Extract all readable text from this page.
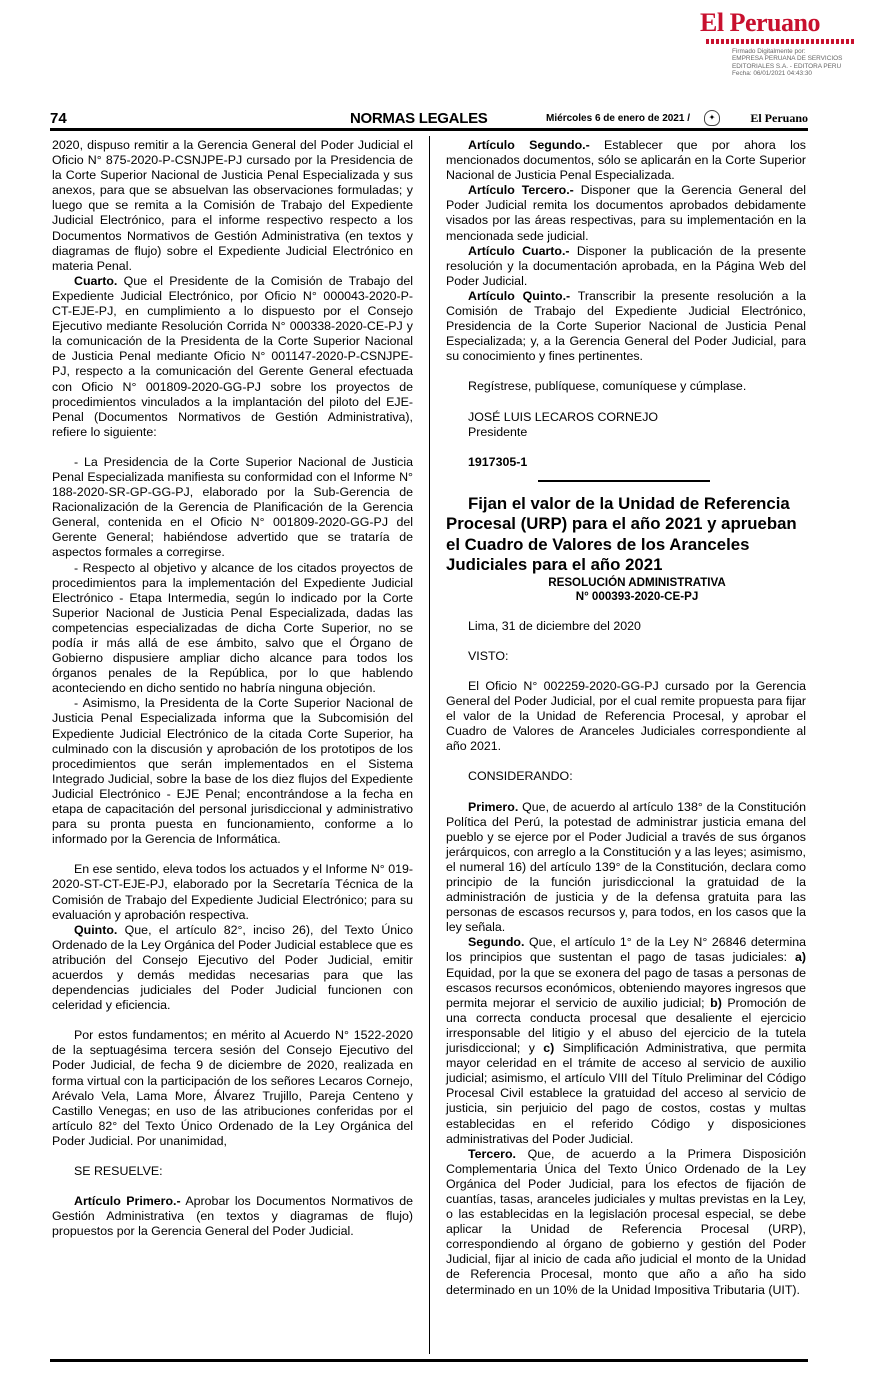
El Peruano
Firmado Digitalmente por:
EMPRESA PERUANA DE SERVICIOS
EDITORIALES S.A. - EDITORA PERU
Fecha: 06/01/2021 04:43:30
74	NORMAS LEGALES	Miércoles 6 de enero de 2021 /	✦	El Peruano

2020, dispuso remitir a la Gerencia General del Poder Judicial el Oficio N° 875-2020-P-CSNJPE-PJ cursado por la Presidencia de la Corte Superior Nacional de Justicia Penal Especializada y sus anexos, para que se absuelvan las observaciones formuladas; y luego que se remita a la Comisión de Trabajo del Expediente Judicial Electrónico, para el informe respectivo respecto a los Documentos Normativos de Gestión Administrativa (en textos y diagramas de flujo) sobre el Expediente Judicial Electrónico en materia Penal.

Cuarto. Que el Presidente de la Comisión de Trabajo del Expediente Judicial Electrónico, por Oficio N° 000043-2020-P-CT-EJE-PJ, en cumplimiento a lo dispuesto por el Consejo Ejecutivo mediante Resolución Corrida N° 000338-2020-CE-PJ y la comunicación de la Presidenta de la Corte Superior Nacional de Justicia Penal mediante Oficio N° 001147-2020-P-CSNJPE-PJ, respecto a la comunicación del Gerente General efectuada con Oficio N° 001809-2020-GG-PJ sobre los proyectos de procedimientos vinculados a la implantación del piloto del EJE-Penal (Documentos Normativos de Gestión Administrativa), refiere lo siguiente:

- La Presidencia de la Corte Superior Nacional de Justicia Penal Especializada manifiesta su conformidad con el Informe N° 188-2020-SR-GP-GG-PJ, elaborado por la Sub-Gerencia de Racionalización de la Gerencia de Planificación de la Gerencia General, contenida en el Oficio N° 001809-2020-GG-PJ del Gerente General; habiéndose advertido que se trataría de aspectos formales a corregirse.

- Respecto al objetivo y alcance de los citados proyectos de procedimientos para la implementación del Expediente Judicial Electrónico - Etapa Intermedia, según lo indicado por la Corte Superior Nacional de Justicia Penal Especializada, dadas las competencias especializadas de dicha Corte Superior, no se podía ir más allá de ese ámbito, salvo que el Órgano de Gobierno dispusiere ampliar dicho alcance para todos los órganos penales de la República, por lo que hablendo aconteciendo en dicho sentido no habría ninguna objeción.

- Asimismo, la Presidenta de la Corte Superior Nacional de Justicia Penal Especializada informa que la Subcomisión del Expediente Judicial Electrónico de la citada Corte Superior, ha culminado con la discusión y aprobación de los prototipos de los procedimientos que serán implementados en el Sistema Integrado Judicial, sobre la base de los diez flujos del Expediente Judicial Electrónico - EJE Penal; encontrándose a la fecha en etapa de capacitación del personal jurisdiccional y administrativo para su pronta puesta en funcionamiento, conforme a lo informado por la Gerencia de Informática.

En ese sentido, eleva todos los actuados y el Informe N° 019-2020-ST-CT-EJE-PJ, elaborado por la Secretaría Técnica de la Comisión de Trabajo del Expediente Judicial Electrónico; para su evaluación y aprobación respectiva.

Quinto. Que, el artículo 82°, inciso 26), del Texto Único Ordenado de la Ley Orgánica del Poder Judicial establece que es atribución del Consejo Ejecutivo del Poder Judicial, emitir acuerdos y demás medidas necesarias para que las dependencias judiciales del Poder Judicial funcionen con celeridad y eficiencia.

Por estos fundamentos; en mérito al Acuerdo N° 1522-2020 de la septuagésima tercera sesión del Consejo Ejecutivo del Poder Judicial, de fecha 9 de diciembre de 2020, realizada en forma virtual con la participación de los señores Lecaros Cornejo, Arévalo Vela, Lama More, Álvarez Trujillo, Pareja Centeno y Castillo Venegas; en uso de las atribuciones conferidas por el artículo 82° del Texto Único Ordenado de la Ley Orgánica del Poder Judicial. Por unanimidad,

SE RESUELVE:

Artículo Primero.- Aprobar los Documentos Normativos de Gestión Administrativa (en textos y diagramas de flujo) propuestos por la Gerencia General del Poder Judicial.

Artículo Segundo.- Establecer que por ahora los mencionados documentos, sólo se aplicarán en la Corte Superior Nacional de Justicia Penal Especializada.

Artículo Tercero.- Disponer que la Gerencia General del Poder Judicial remita los documentos aprobados debidamente visados por las áreas respectivas, para su implementación en la mencionada sede judicial.

Artículo Cuarto.- Disponer la publicación de la presente resolución y la documentación aprobada, en la Página Web del Poder Judicial.

Artículo Quinto.- Transcribir la presente resolución a la Comisión de Trabajo del Expediente Judicial Electrónico, Presidencia de la Corte Superior Nacional de Justicia Penal Especializada; y, a la Gerencia General del Poder Judicial, para su conocimiento y fines pertinentes.

Regístrese, publíquese, comuníquese y cúmplase.

JOSÉ LUIS LECAROS CORNEJO

Presidente

1917305-1

Fijan el valor de la Unidad de Referencia Procesal (URP) para el año 2021 y aprueban el Cuadro de Valores de los Aranceles Judiciales para el año 2021

RESOLUCIÓN ADMINISTRATIVA

N° 000393-2020-CE-PJ

Lima, 31 de diciembre del 2020

VISTO:

El Oficio N° 002259-2020-GG-PJ cursado por la Gerencia General del Poder Judicial, por el cual remite propuesta para fijar el valor de la Unidad de Referencia Procesal, y aprobar el Cuadro de Valores de Aranceles Judiciales correspondiente al año 2021.

CONSIDERANDO:

Primero. Que, de acuerdo al artículo 138° de la Constitución Política del Perú, la potestad de administrar justicia emana del pueblo y se ejerce por el Poder Judicial a través de sus órganos jerárquicos, con arreglo a la Constitución y a las leyes; asimismo, el numeral 16) del artículo 139° de la Constitución, declara como principio de la función jurisdiccional la gratuidad de la administración de justicia y de la defensa gratuita para las personas de escasos recursos y, para todos, en los casos que la ley señala.

Segundo. Que, el artículo 1° de la Ley N° 26846 determina los principios que sustentan el pago de tasas judiciales: a) Equidad, por la que se exonera del pago de tasas a personas de escasos recursos económicos, obteniendo mayores ingresos que permita mejorar el servicio de auxilio judicial; b) Promoción de una correcta conducta procesal que desaliente el ejercicio irresponsable del litigio y el abuso del ejercicio de la tutela jurisdiccional; y c) Simplificación Administrativa, que permita mayor celeridad en el trámite de acceso al servicio de auxilio judicial; asimismo, el artículo VIII del Título Preliminar del Código Procesal Civil establece la gratuidad del acceso al servicio de justicia, sin perjuicio del pago de costos, costas y multas establecidas en el referido Código y disposiciones administrativas del Poder Judicial.

Tercero. Que, de acuerdo a la Primera Disposición Complementaria Única del Texto Único Ordenado de la Ley Orgánica del Poder Judicial, para los efectos de fijación de cuantías, tasas, aranceles judiciales y multas previstas en la Ley, o las establecidas en la legislación procesal especial, se debe aplicar la Unidad de Referencia Procesal (URP), correspondiendo al órgano de gobierno y gestión del Poder Judicial, fijar al inicio de cada año judicial el monto de la Unidad de Referencia Procesal, monto que año a año ha sido determinado en un 10% de la Unidad Impositiva Tributaria (UIT).
